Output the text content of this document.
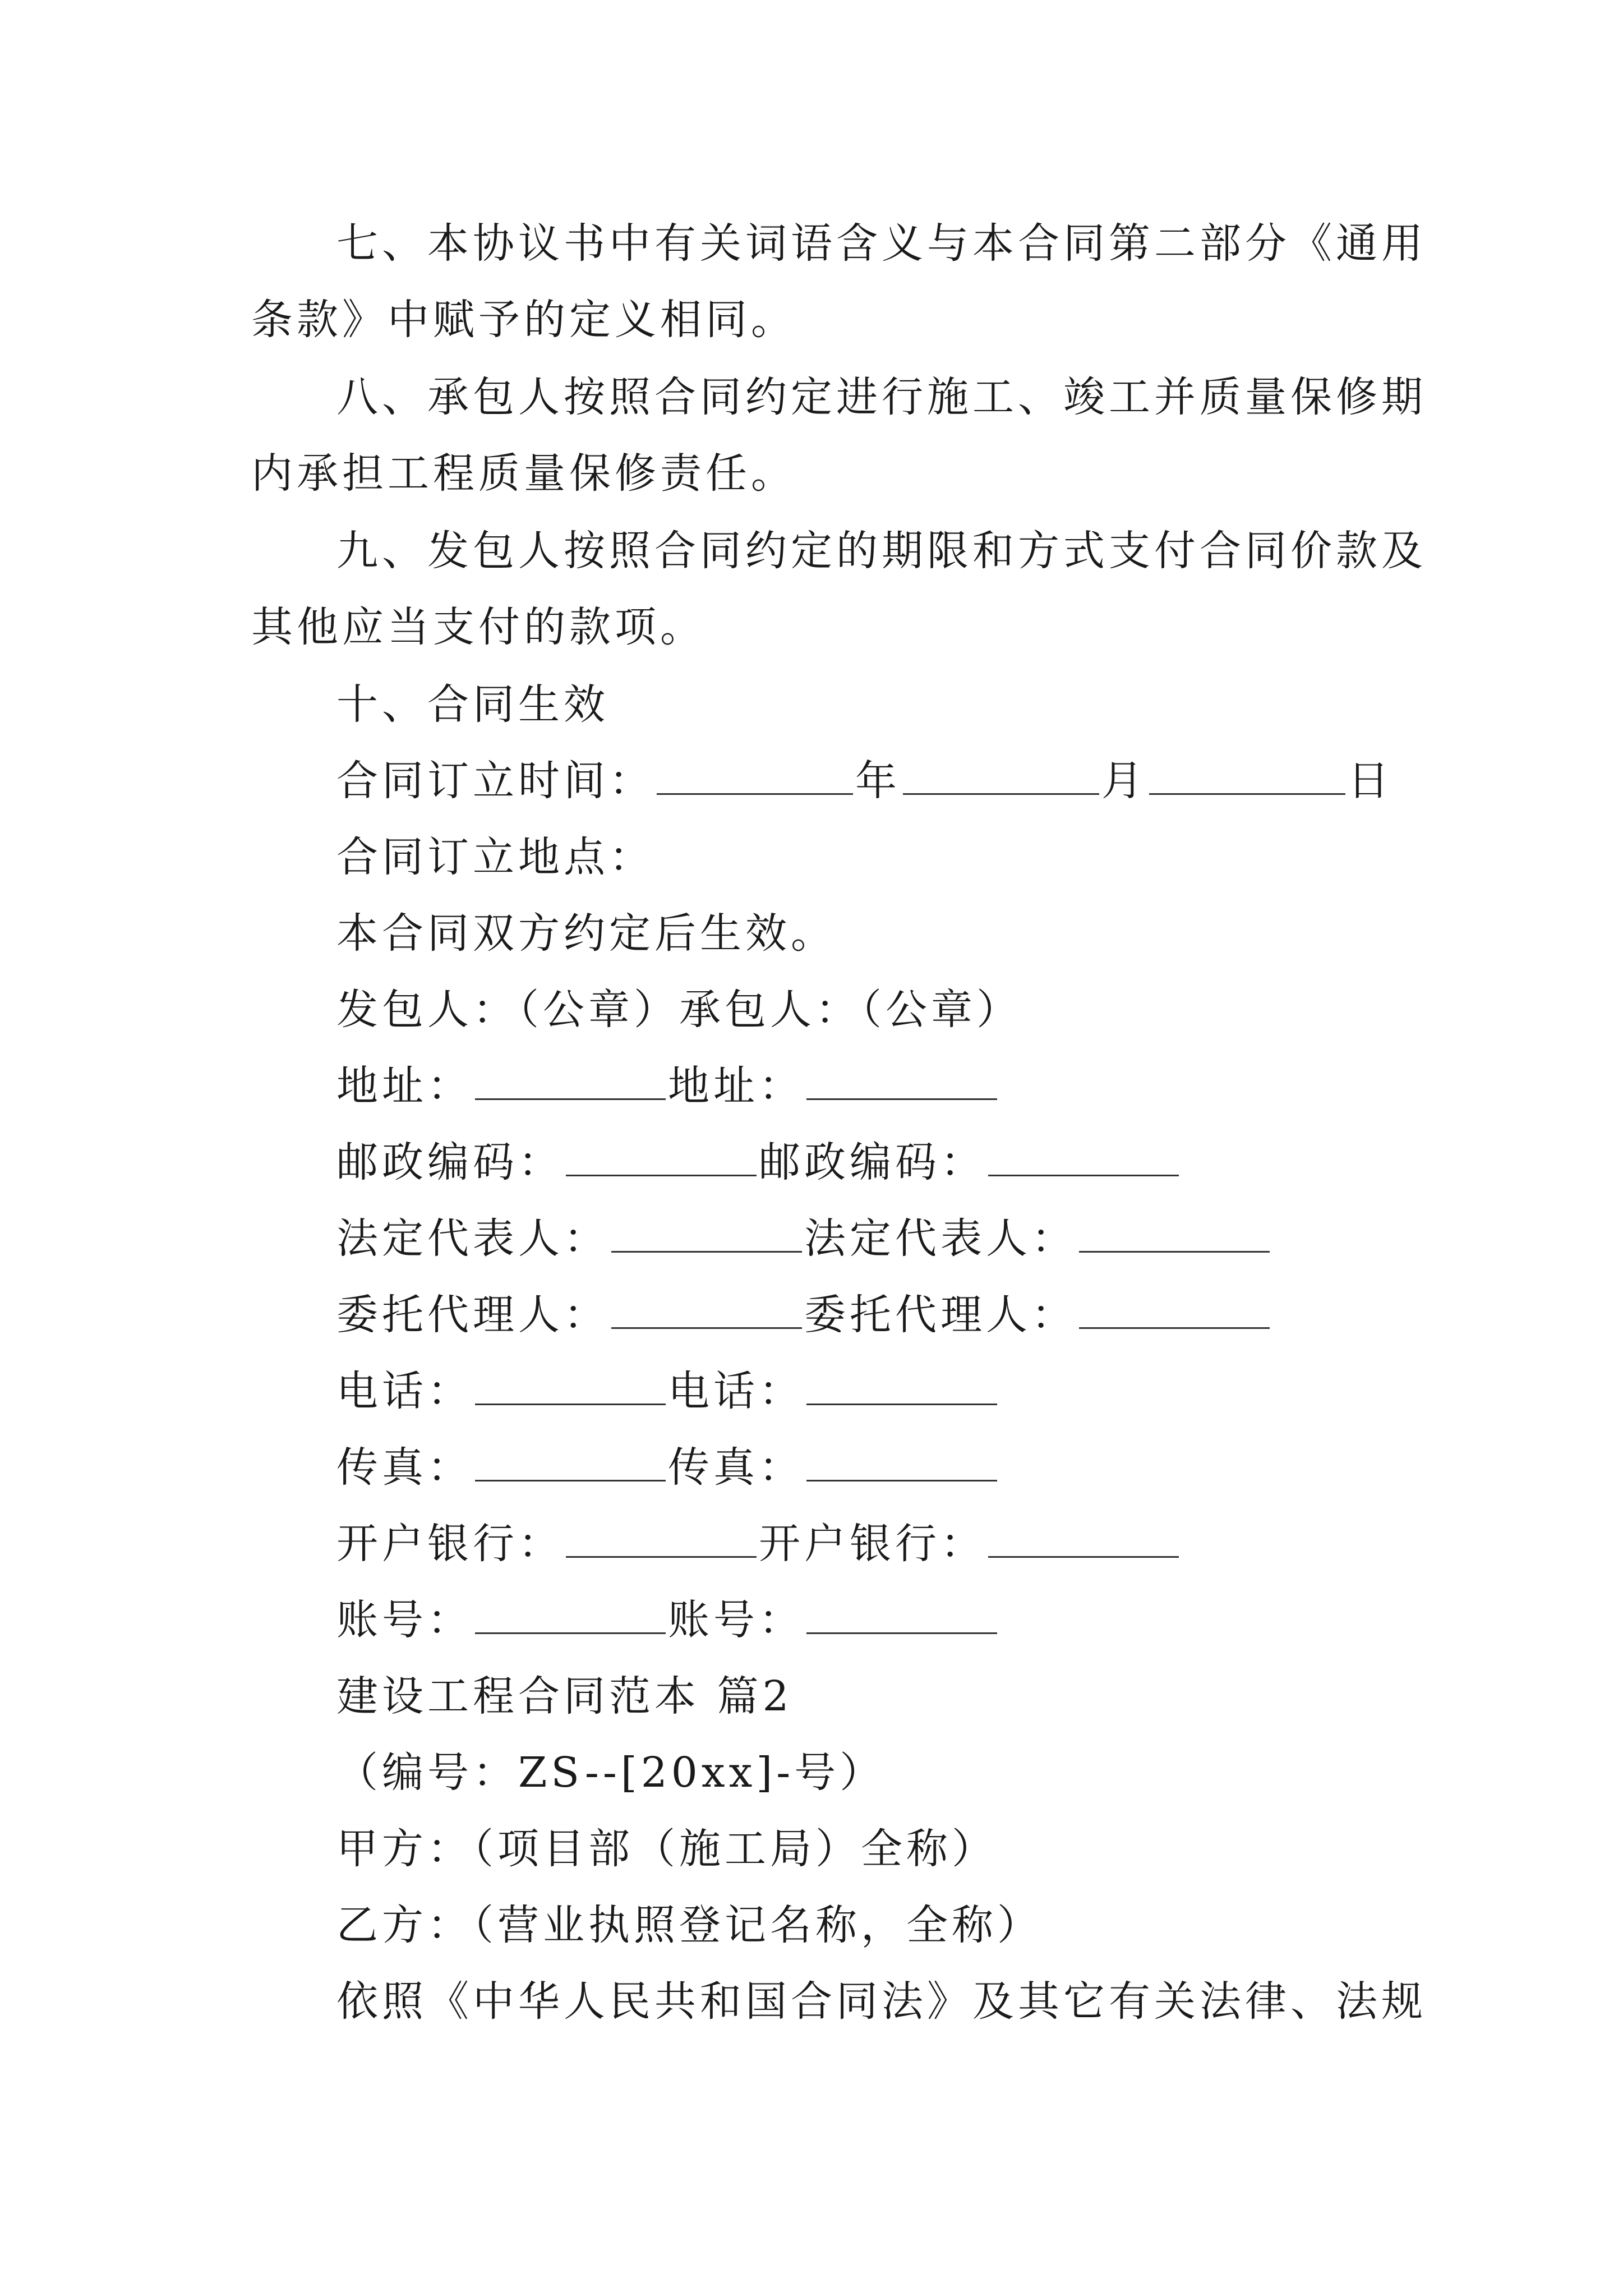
七、本协议书中有关词语含义与本合同第二部分《通用
条款》中赋予的定义相同。

八、承包人按照合同约定进行施工、竣工并质量保修期
内承担工程质量保修责任。

九、发包人按照合同约定的期限和方式支付合同价款及
其他应当支付的款项。

十、合同生效

合同订立时间：	年	月	日

合同订立地点：

本合同双方约定后生效。

发包人：（公章）承包人：（公章）

地址：	地址：

邮政编码：	邮政编码：

法定代表人：	法定代表人：

委托代理人：	委托代理人：

电话：	电话：

传真：	传真：

开户银行：	开户银行：

账号：	账号：

建设工程合同范本 篇2

（编号：ZS--[20xx]-号）

甲方：（项目部（施工局）全称）

乙方：（营业执照登记名称，全称）

依照《中华人民共和国合同法》及其它有关法律、法规
